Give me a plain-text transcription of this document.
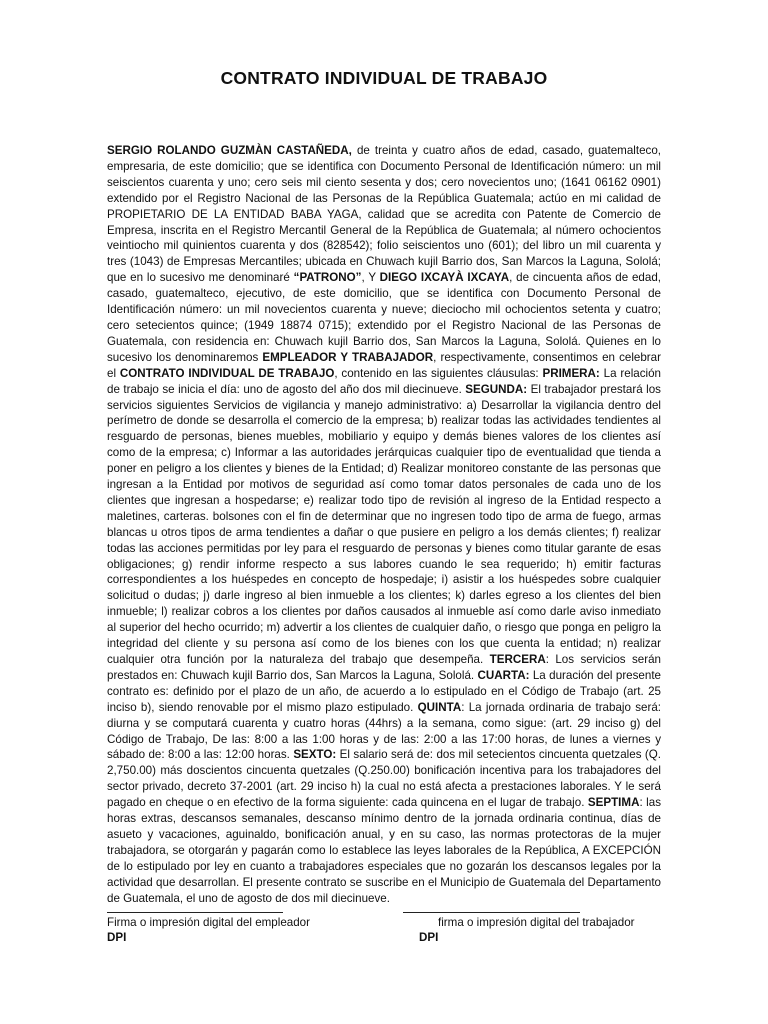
CONTRATO INDIVIDUAL DE TRABAJO
SERGIO ROLANDO GUZMÀN CASTAÑEDA, de treinta y cuatro años de edad, casado, guatemalteco, empresaria, de este domicilio; que se identifica con Documento Personal de Identificación número: un mil seiscientos cuarenta y uno; cero seis mil ciento sesenta y dos; cero novecientos uno; (1641 06162 0901) extendido por el Registro Nacional de las Personas de la República Guatemala; actúo en mi calidad de PROPIETARIO DE LA ENTIDAD BABA YAGA, calidad que se acredita con Patente de Comercio de Empresa, inscrita en el Registro Mercantil General de la República de Guatemala; al número ochocientos veintiocho mil quinientos cuarenta y dos (828542); folio seiscientos uno (601); del libro un mil cuarenta y tres (1043) de Empresas Mercantiles; ubicada en Chuwach kujil Barrio dos, San Marcos la Laguna, Sololá; que en lo sucesivo me denominaré “PATRONO”, Y DIEGO IXCAYÀ IXCAYA, de cincuenta años de edad, casado, guatemalteco, ejecutivo, de este domicilio, que se identifica con Documento Personal de Identificación número: un mil novecientos cuarenta y nueve; dieciocho mil ochocientos setenta y cuatro; cero setecientos quince; (1949 18874 0715); extendido por el Registro Nacional de las Personas de Guatemala, con residencia en: Chuwach kujil Barrio dos, San Marcos la Laguna, Sololá. Quienes en lo sucesivo los denominaremos EMPLEADOR Y TRABAJADOR, respectivamente, consentimos en celebrar el CONTRATO INDIVIDUAL DE TRABAJO, contenido en las siguientes cláusulas: PRIMERA: La relación de trabajo se inicia el día: uno de agosto del año dos mil diecinueve. SEGUNDA: El trabajador prestará los servicios siguientes Servicios de vigilancia y manejo administrativo: a) Desarrollar la vigilancia dentro del perímetro de donde se desarrolla el comercio de la empresa; b) realizar todas las actividades tendientes al resguardo de personas, bienes muebles, mobiliario y equipo y demás bienes valores de los clientes así como de la empresa; c) Informar a las autoridades jerárquicas cualquier tipo de eventualidad que tienda a poner en peligro a los clientes y bienes de la Entidad; d) Realizar monitoreo constante de las personas que ingresan a la Entidad por motivos de seguridad así como tomar datos personales de cada uno de los clientes que ingresan a hospedarse; e) realizar todo tipo de revisión al ingreso de la Entidad respecto a maletines, carteras. bolsones con el fin de determinar que no ingresen todo tipo de arma de fuego, armas blancas u otros tipos de arma tendientes a dañar o que pusiere en peligro a los demás clientes; f) realizar todas las acciones permitidas por ley para el resguardo de personas y bienes como titular garante de esas obligaciones; g) rendir informe respecto a sus labores cuando le sea requerido; h) emitir facturas correspondientes a los huéspedes en concepto de hospedaje; i) asistir a los huéspedes sobre cualquier solicitud o dudas; j) darle ingreso al bien inmueble a los clientes; k) darles egreso a los clientes del bien inmueble; l) realizar cobros a los clientes por daños causados al inmueble así como darle aviso inmediato al superior del hecho ocurrido; m) advertir a los clientes de cualquier daño, o riesgo que ponga en peligro la integridad del cliente y su persona así como de los bienes con los que cuenta la entidad; n) realizar cualquier otra función por la naturaleza del trabajo que desempeña. TERCERA: Los servicios serán prestados en: Chuwach kujil Barrio dos, San Marcos la Laguna, Sololá. CUARTA: La duración del presente contrato es: definido por el plazo de un año, de acuerdo a lo estipulado en el Código de Trabajo (art. 25 inciso b), siendo renovable por el mismo plazo estipulado. QUINTA: La jornada ordinaria de trabajo será: diurna y se computará cuarenta y cuatro horas (44hrs) a la semana, como sigue: (art. 29 inciso g) del Código de Trabajo, De las: 8:00 a las 1:00 horas y de las: 2:00 a las 17:00 horas, de lunes a viernes y sábado de: 8:00 a las: 12:00 horas. SEXTO: El salario será de: dos mil setecientos cincuenta quetzales (Q. 2,750.00) más doscientos cincuenta quetzales (Q.250.00) bonificación incentiva para los trabajadores del sector privado, decreto 37-2001 (art. 29 inciso h) la cual no está afecta a prestaciones laborales. Y le será pagado en cheque o en efectivo de la forma siguiente: cada quincena en el lugar de trabajo. SEPTIMA: las horas extras, descansos semanales, descanso mínimo dentro de la jornada ordinaria continua, días de asueto y vacaciones, aguinaldo, bonificación anual, y en su caso, las normas protectoras de la mujer trabajadora, se otorgarán y pagarán como lo establece las leyes laborales de la República, A EXCEPCIÓN de lo estipulado por ley en cuanto a trabajadores especiales que no gozarán los descansos legales por la actividad que desarrollan. El presente contrato se suscribe en el Municipio de Guatemala del Departamento de Guatemala, el uno de agosto de dos mil diecinueve.
Firma o impresión digital del empleador
DPI
firma o impresión digital del trabajador
DPI
